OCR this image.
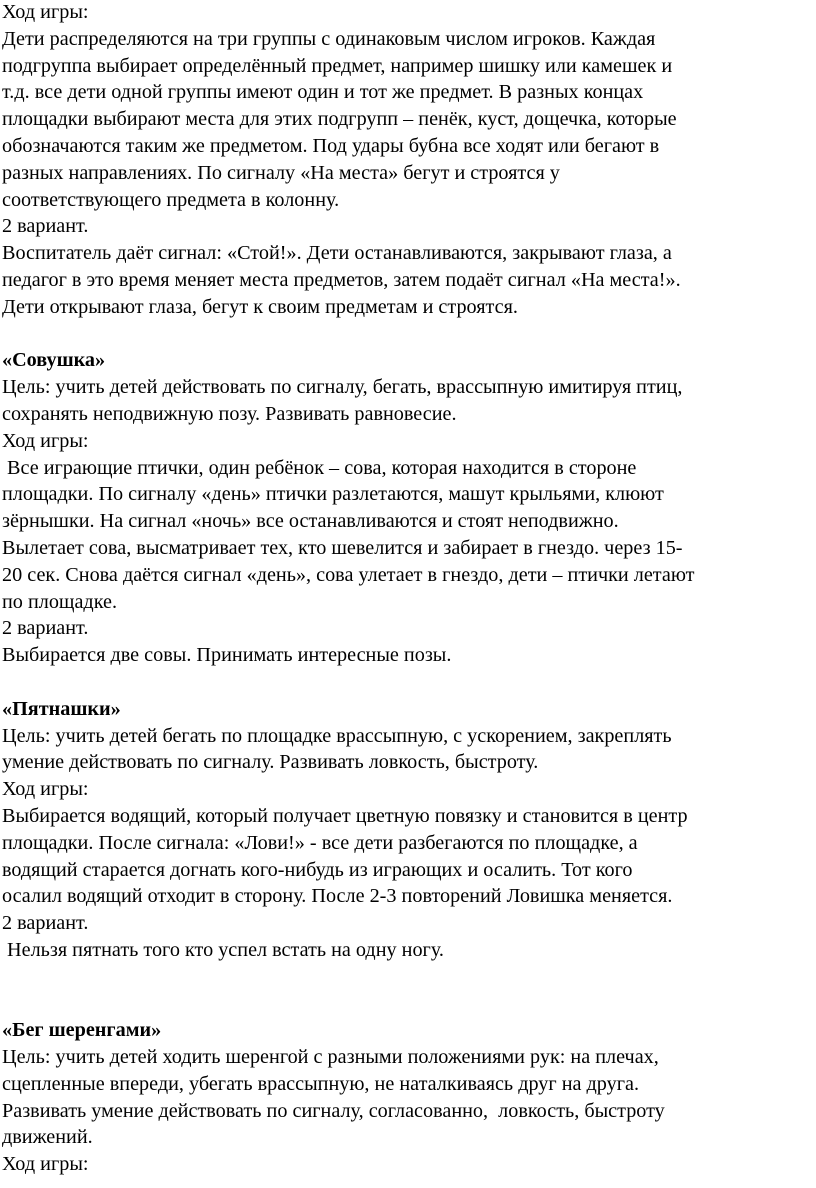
Ход игры:
Дети распределяются на три группы с одинаковым числом игроков. Каждая
подгруппа выбирает определённый предмет, например шишку или камешек и
т.д. все дети одной группы имеют один и тот же предмет. В разных концах
площадки выбирают места для этих подгрупп – пенёк, куст, дощечка, которые
обозначаются таким же предметом. Под удары бубна все ходят или бегают в
разных направлениях. По сигналу «На места» бегут и строятся у
соответствующего предмета в колонну.
2 вариант.
Воспитатель даёт сигнал: «Стой!». Дети останавливаются, закрывают глаза, а
педагог в это время меняет места предметов, затем подаёт сигнал «На места!».
Дети открывают глаза, бегут к своим предметам и строятся.
«Совушка»
Цель: учить детей действовать по сигналу, бегать, врассыпную имитируя птиц,
сохранять неподвижную позу. Развивать равновесие.
Ход игры:
Все играющие птички, один ребёнок – сова, которая находится в стороне
площадки. По сигналу «день» птички разлетаются, машут крыльями, клюют
зёрнышки. На сигнал «ночь» все останавливаются и стоят неподвижно.
Вылетает сова, высматривает тех, кто шевелится и забирает в гнездо. через 15-
20 сек. Снова даётся сигнал «день», сова улетает в гнездо, дети – птички летают
по площадке.
2 вариант.
Выбирается две совы. Принимать интересные позы.
«Пятнашки»
Цель: учить детей бегать по площадке врассыпную, с ускорением, закреплять
умение действовать по сигналу. Развивать ловкость, быстроту.
Ход игры:
Выбирается водящий, который получает цветную повязку и становится в центр
площадки. После сигнала: «Лови!» - все дети разбегаются по площадке, а
водящий старается догнать кого-нибудь из играющих и осалить. Тот кого
осалил водящий отходит в сторону. После 2-3 повторений Ловишка меняется.
2 вариант.
Нельзя пятнать того кто успел встать на одну ногу.
«Бег шеренгами»
Цель: учить детей ходить шеренгой с разными положениями рук: на плечах,
сцепленные впереди, убегать врассыпную, не наталкиваясь друг на друга.
Развивать умение действовать по сигналу, согласованно,  ловкость, быстроту
движений.
Ход игры:
